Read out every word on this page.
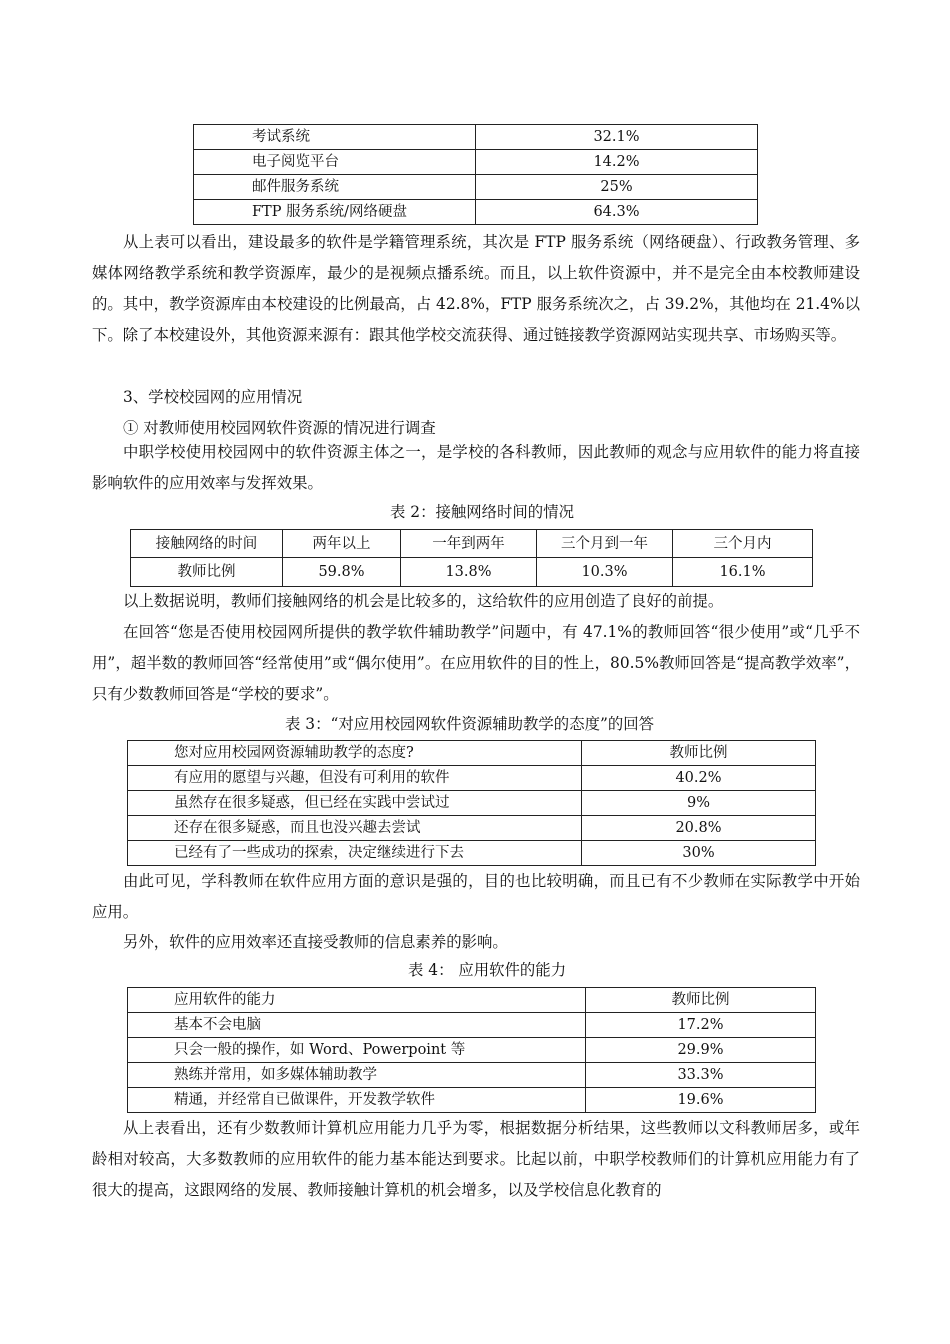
考试系统	32.1%
电子阅览平台	14.2%
邮件服务系统	25%
FTP 服务系统/网络硬盘	64.3%

从上表可以看出，建设最多的软件是学籍管理系统，其次是 FTP 服务系统（网络硬盘）、行政教务管理、多媒体网络教学系统和教学资源库，最少的是视频点播系统。而且，以上软件资源中，并不是完全由本校教师建设的。其中，教学资源库由本校建设的比例最高，占 42.8%，FTP 服务系统次之，占 39.2%，其他均在 21.4%以下。除了本校建设外，其他资源来源有：跟其他学校交流获得、通过链接教学资源网站实现共享、市场购买等。

3、学校校园网的应用情况
① 对教师使用校园网软件资源的情况进行调查

中职学校使用校园网中的软件资源主体之一，是学校的各科教师，因此教师的观念与应用软件的能力将直接影响软件的应用效率与发挥效果。

表 2：接触网络时间的情况
接触网络的时间	两年以上	一年到两年	三个月到一年	三个月内
教师比例	59.8%	13.8%	10.3%	16.1%

以上数据说明，教师们接触网络的机会是比较多的，这给软件的应用创造了良好的前提。

在回答“您是否使用校园网所提供的教学软件辅助教学”问题中，有 47.1%的教师回答“很少使用”或“几乎不用”，超半数的教师回答“经常使用”或“偶尔使用”。在应用软件的目的性上，80.5%教师回答是“提高教学效率”，只有少数教师回答是“学校的要求”。

表 3：“对应用校园网软件资源辅助教学的态度”的回答
您对应用校园网资源辅助教学的态度?	教师比例
有应用的愿望与兴趣，但没有可利用的软件	40.2%
虽然存在很多疑惑，但已经在实践中尝试过	9%
还存在很多疑惑，而且也没兴趣去尝试	20.8%
已经有了一些成功的探索，决定继续进行下去	30%

由此可见，学科教师在软件应用方面的意识是强的，目的也比较明确，而且已有不少教师在实际教学中开始应用。

另外，软件的应用效率还直接受教师的信息素养的影响。

表 4： 应用软件的能力
应用软件的能力	教师比例
基本不会电脑	17.2%
只会一般的操作，如 Word、Powerpoint 等	29.9%
熟练并常用，如多媒体辅助教学	33.3%
精通，并经常自已做课件，开发教学软件	19.6%

从上表看出，还有少数教师计算机应用能力几乎为零，根据数据分析结果，这些教师以文科教师居多，或年龄相对较高，大多数教师的应用软件的能力基本能达到要求。比起以前，中职学校教师们的计算机应用能力有了很大的提高，这跟网络的发展、教师接触计算机的机会增多，以及学校信息化教育的
